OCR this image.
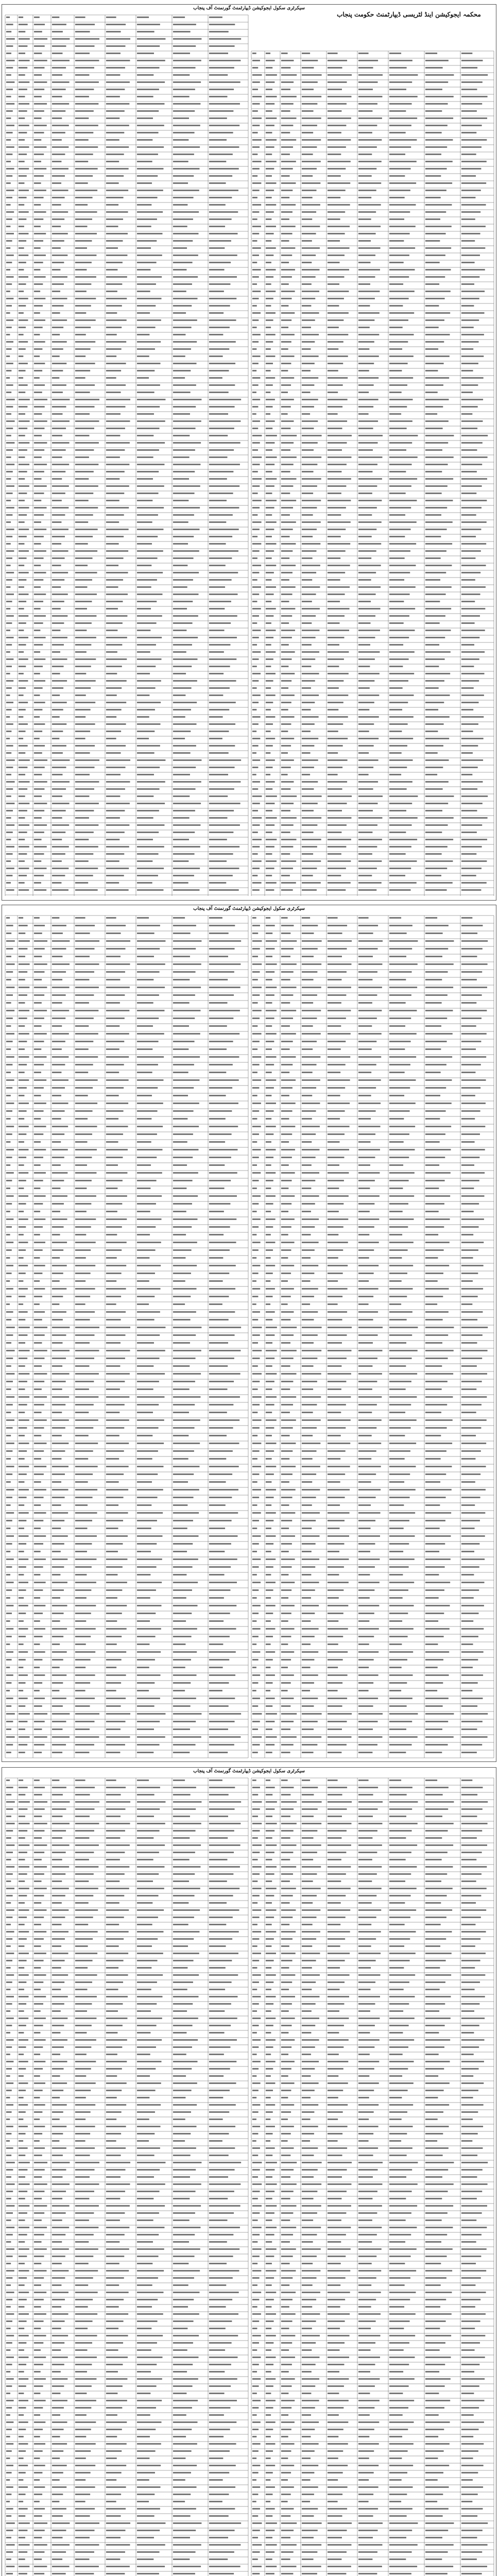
سیکرٹری سکول ایجوکیشن ڈیپارٹمنٹ گورنمنٹ آف پنجاب
محکمہ ایجوکیشن اینڈ لٹریسی ڈیپارٹمنٹ حکومت پنجاب
سیکرٹری سکول ایجوکیشن ڈیپارٹمنٹ گورنمنٹ آف پنجاب
سیکرٹری سکول ایجوکیشن ڈیپارٹمنٹ گورنمنٹ آف پنجاب
